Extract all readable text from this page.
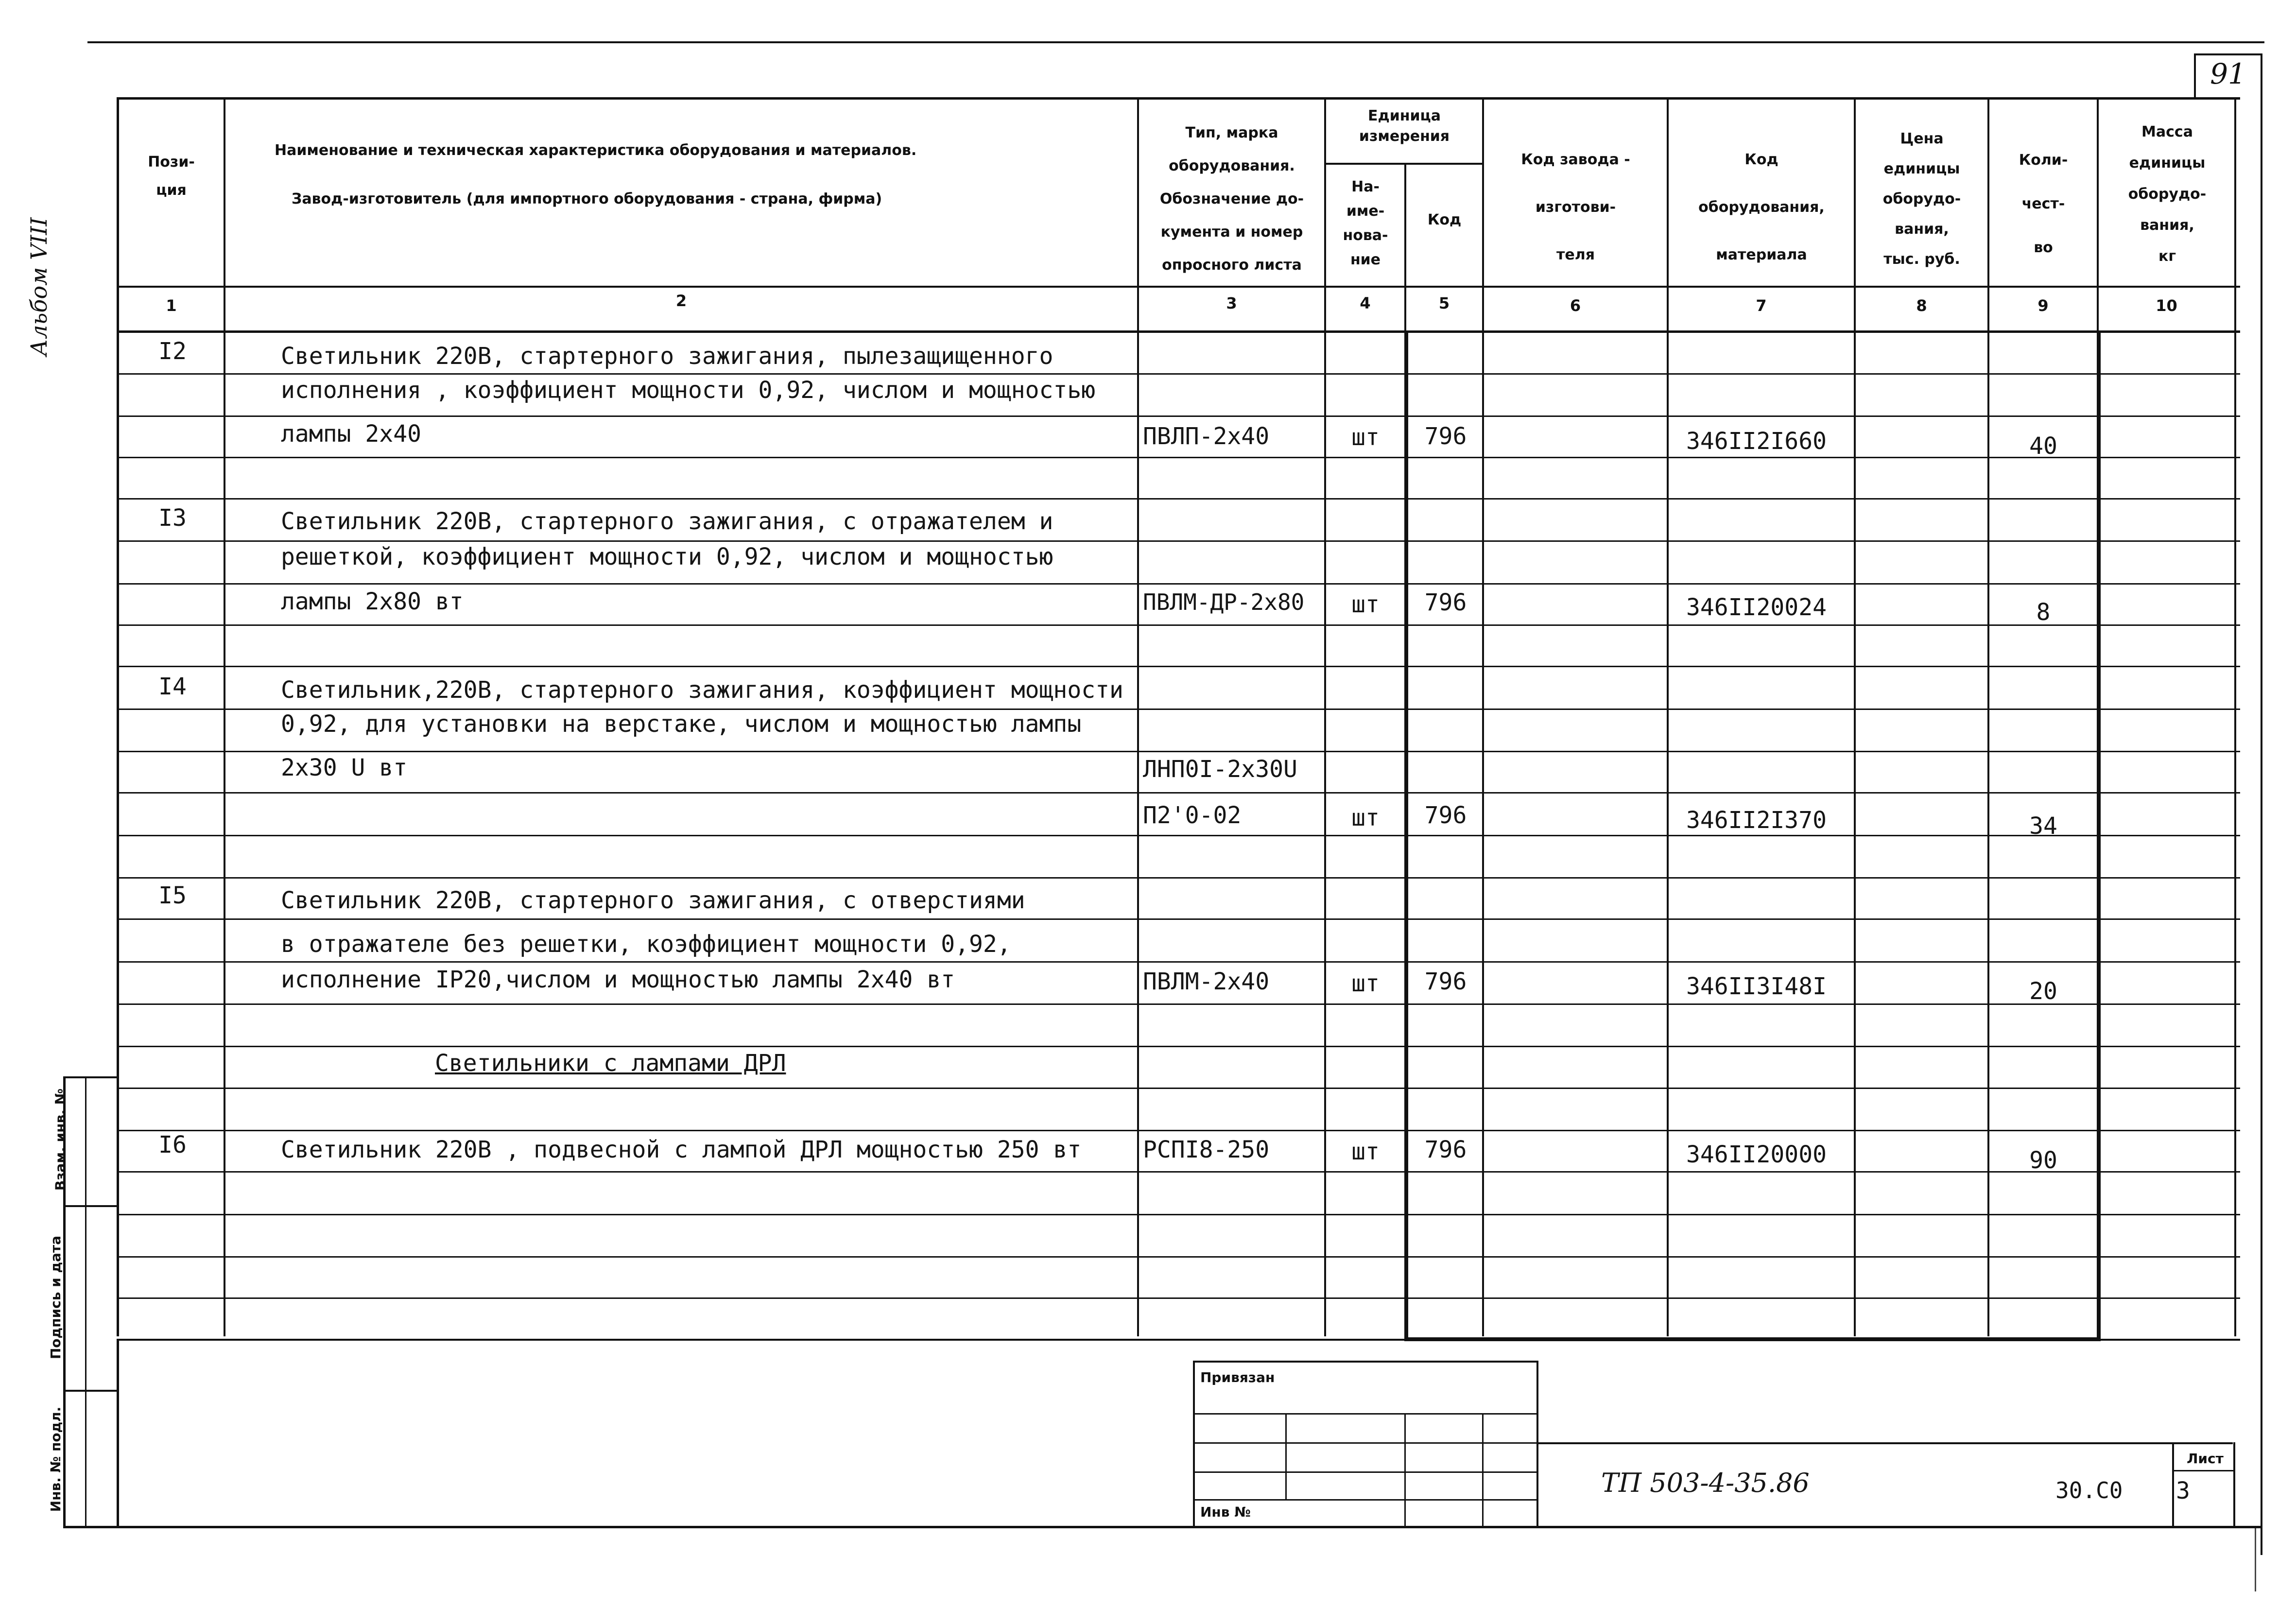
91
Альбом VIII
Пози-
ция
Наименование и техническая характеристика оборудования и материалов.
Завод-изготовитель (для импортного оборудования - страна, фирма)
Тип, марка
оборудования.
Обозначение до-
кумента и номер
опросного листа
Единица
измерения
На-
име-
нова-
ние
Код
Код завода -
изготови-
теля
Код
оборудования,
материала
Цена
единицы
оборудо-
вания,
тыс. руб.
Коли-
чест-
во
Масса
единицы
оборудо-
вания,
кг
1	2	3	4	5	6	7	8	9	10
I2	Светильник 220В, стартерного зажигания, пылезащищенного
исполнения , коэффициент мощности 0,92, числом и мощностью
лампы 2х40	ПВЛП-2х40	шт	796	346II2I660	40
I3	Светильник 220В, стартерного зажигания, с отражателем и
решеткой, коэффициент мощности 0,92, числом и мощностью
лампы 2х80 вт	ПВЛМ-ДР-2х80	шт	796	346II20024	8
I4	Светильник,220В, стартерного зажигания, коэффициент мощности
0,92, для установки на верстаке, числом и мощностью лампы
2х30 U вт	ЛНП0I-2х30U
П2'0-02	шт	796	346II2I370	34
I5	Светильник 220В, стартерного зажигания, с отверстиями
в отражателе без решетки, коэффициент мощности 0,92,
исполнение IP20,числом и мощностью лампы 2х40 вт	ПВЛМ-2х40	шт	796	346II3I48I	20
Светильники с лампами ДРЛ
I6	Светильник 220В , подвесной с лампой ДРЛ мощностью 250 вт	РСПI8-250	шт	796	346II20000	90
Привязан
Инв №
ТП 503-4-35.86	30.С0
Лист
3
Взам. инв. №
Подпись и дата
Инв. № подл.
